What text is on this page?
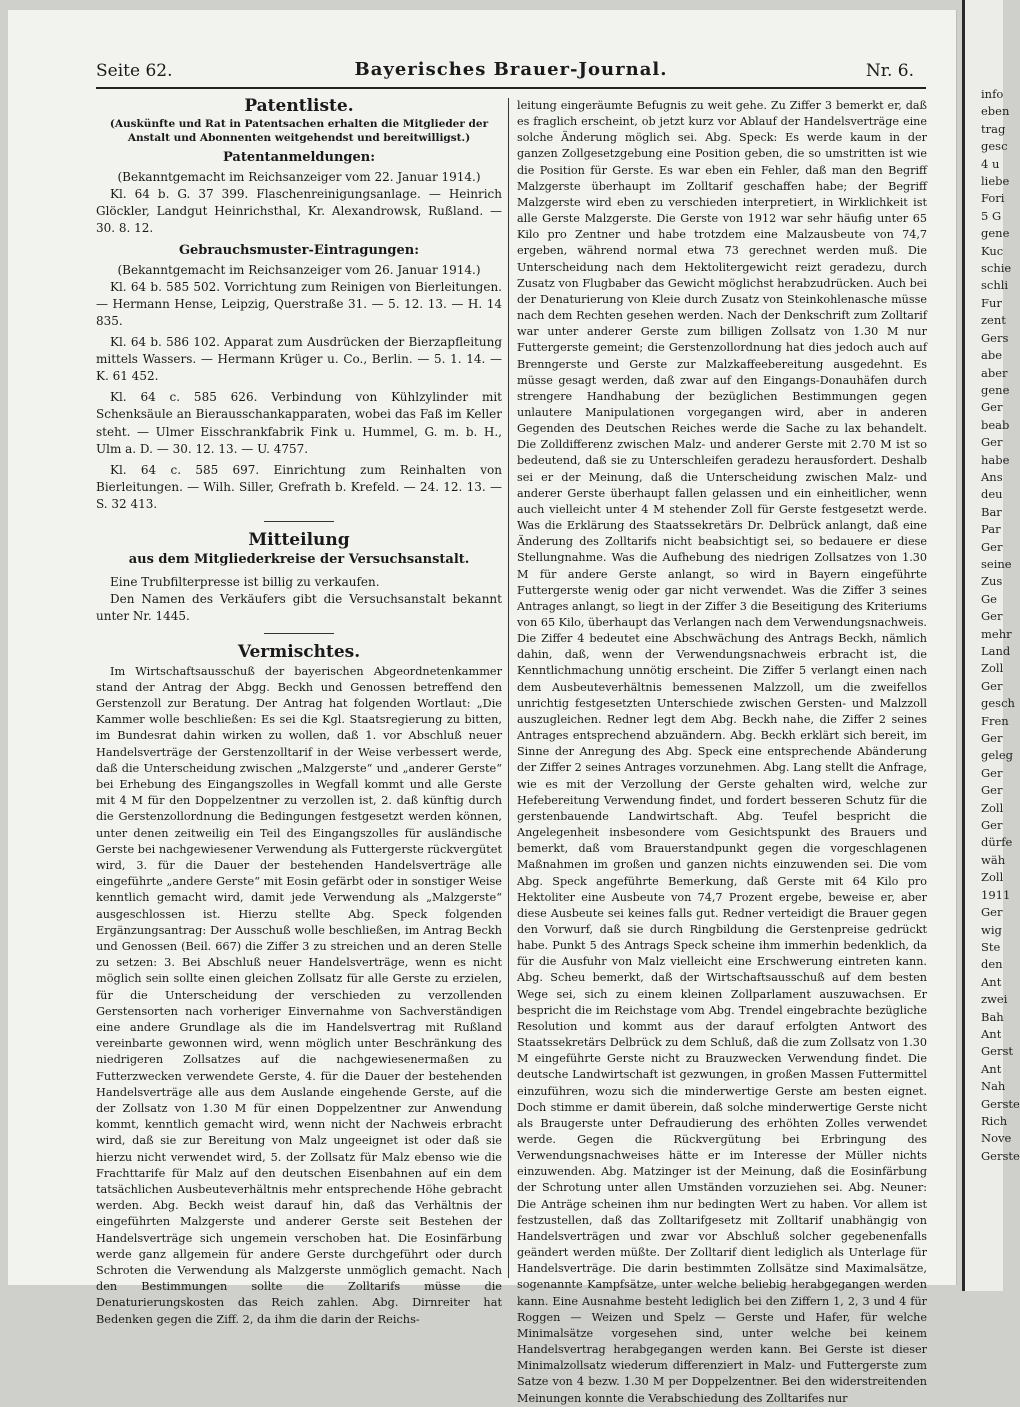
Seite 62.	Bayerisches Brauer-Journal.	Nr. 6.
Patentliste.
(Auskünfte und Rat in Patentsachen erhalten die Mitglieder der Anstalt und Abonnenten weitgehendst und bereitwilligst.)
Patentanmeldungen:

(Bekanntgemacht im Reichsanzeiger vom 22. Januar 1914.)

Kl. 64 b. G. 37 399. Flaschenreinigungsanlage. — Heinrich Glöckler, Landgut Heinrichsthal, Kr. Alexandrowsk, Rußland. — 30. 8. 12.

Gebrauchsmuster-Eintragungen:

(Bekanntgemacht im Reichsanzeiger vom 26. Januar 1914.)

Kl. 64 b. 585 502. Vorrichtung zum Reinigen von Bierleitungen. — Hermann Hense, Leipzig, Querstraße 31. — 5. 12. 13. — H. 14 835.

Kl. 64 b. 586 102. Apparat zum Ausdrücken der Bierzapfleitung mittels Wassers. — Hermann Krüger u. Co., Berlin. — 5. 1. 14. — K. 61 452.

Kl. 64 c. 585 626. Verbindung von Kühlzylinder mit Schenksäule an Bierausschankapparaten, wobei das Faß im Keller steht. — Ulmer Eisschrankfabrik Fink u. Hummel, G. m. b. H., Ulm a. D. — 30. 12. 13. — U. 4757.

Kl. 64 c. 585 697. Einrichtung zum Reinhalten von Bierleitungen. — Wilh. Siller, Grefrath b. Krefeld. — 24. 12. 13. — S. 32 413.

Mitteilung
aus dem Mitgliederkreise der Versuchsanstalt.

Eine Trubfilterpresse ist billig zu verkaufen.

Den Namen des Verkäufers gibt die Versuchsanstalt bekannt unter Nr. 1445.

Vermischtes.

Im Wirtschaftsausschuß der bayerischen Abgeordnetenkammer stand der Antrag der Abgg. Beckh und Genossen betreffend den Gerstenzoll zur Beratung. Der Antrag hat folgenden Wortlaut: „Die Kammer wolle beschließen: Es sei die Kgl. Staatsregierung zu bitten, im Bundesrat dahin wirken zu wollen, daß 1. vor Abschluß neuer Handelsverträge der Gerstenzolltarif in der Weise verbessert werde, daß die Unterscheidung zwischen „Malzgerste“ und „anderer Gerste“ bei Erhebung des Eingangszolles in Wegfall kommt und alle Gerste mit 4 M für den Doppelzentner zu verzollen ist, 2. daß künftig durch die Gerstenzollordnung die Bedingungen festgesetzt werden können, unter denen zeitweilig ein Teil des Eingangszolles für ausländische Gerste bei nachgewiesener Verwendung als Futtergerste rückvergütet wird, 3. für die Dauer der bestehenden Handelsverträge alle eingeführte „andere Gerste“ mit Eosin gefärbt oder in sonstiger Weise kenntlich gemacht wird, damit jede Verwendung als „Malzgerste“ ausgeschlossen ist. Hierzu stellte Abg. Speck folgenden Ergänzungsantrag: Der Ausschuß wolle beschließen, im Antrag Beckh und Genossen (Beil. 667) die Ziffer 3 zu streichen und an deren Stelle zu setzen: 3. Bei Abschluß neuer Handelsverträge, wenn es nicht möglich sein sollte einen gleichen Zollsatz für alle Gerste zu erzielen, für die Unterscheidung der verschieden zu verzollenden Gerstensorten nach vorheriger Einvernahme von Sachverständigen eine andere Grundlage als die im Handelsvertrag mit Rußland vereinbarte gewonnen wird, wenn möglich unter Beschränkung des niedrigeren Zollsatzes auf die nachgewiesenermaßen zu Futterzwecken verwendete Gerste, 4. für die Dauer der bestehenden Handelsverträge alle aus dem Auslande eingehende Gerste, auf die der Zollsatz von 1.30 M für einen Doppelzentner zur Anwendung kommt, kenntlich gemacht wird, wenn nicht der Nachweis erbracht wird, daß sie zur Bereitung von Malz ungeeignet ist oder daß sie hierzu nicht verwendet wird, 5. der Zollsatz für Malz ebenso wie die Frachttarife für Malz auf den deutschen Eisenbahnen auf ein dem tatsächlichen Ausbeuteverhältnis mehr entsprechende Höhe gebracht werden. Abg. Beckh weist darauf hin, daß das Verhältnis der eingeführten Malzgerste und anderer Gerste seit Bestehen der Handelsverträge sich ungemein verschoben hat. Die Eosinfärbung werde ganz allgemein für andere Gerste durchgeführt oder durch Schroten die Verwendung als Malzgerste unmöglich gemacht. Nach den Bestimmungen sollte die Zolltarifs müsse die Denaturierungskosten das Reich zahlen. Abg. Dirnreiter hat Bedenken gegen die Ziff. 2, da ihm die darin der Reichs-

leitung eingeräumte Befugnis zu weit gehe. Zu Ziffer 3 bemerkt er, daß es fraglich erscheint, ob jetzt kurz vor Ablauf der Handelsverträge eine solche Änderung möglich sei. Abg. Speck: Es werde kaum in der ganzen Zollgesetzgebung eine Position geben, die so umstritten ist wie die Position für Gerste. Es war eben ein Fehler, daß man den Begriff Malzgerste überhaupt im Zolltarif geschaffen habe; der Begriff Malzgerste wird eben zu verschieden interpretiert, in Wirklichkeit ist alle Gerste Malzgerste. Die Gerste von 1912 war sehr häufig unter 65 Kilo pro Zentner und habe trotzdem eine Malzausbeute von 74,7 ergeben, während normal etwa 73 gerechnet werden muß. Die Unterscheidung nach dem Hektolitergewicht reizt geradezu, durch Zusatz von Flugbaber das Gewicht möglichst herabzudrücken. Auch bei der Denaturierung von Kleie durch Zusatz von Steinkohlenasche müsse nach dem Rechten gesehen werden. Nach der Denkschrift zum Zolltarif war unter anderer Gerste zum billigen Zollsatz von 1.30 M nur Futtergerste gemeint; die Gerstenzollordnung hat dies jedoch auch auf Brenngerste und Gerste zur Malzkaffeebereitung ausgedehnt. Es müsse gesagt werden, daß zwar auf den Eingangs-Donauhäfen durch strengere Handhabung der bezüglichen Bestimmungen gegen unlautere Manipulationen vorgegangen wird, aber in anderen Gegenden des Deutschen Reiches werde die Sache zu lax behandelt. Die Zolldifferenz zwischen Malz- und anderer Gerste mit 2.70 M ist so bedeutend, daß sie zu Unterschleifen geradezu herausfordert. Deshalb sei er der Meinung, daß die Unterscheidung zwischen Malz- und anderer Gerste überhaupt fallen gelassen und ein einheitlicher, wenn auch vielleicht unter 4 M stehender Zoll für Gerste festgesetzt werde. Was die Erklärung des Staatssekretärs Dr. Delbrück anlangt, daß eine Änderung des Zolltarifs nicht beabsichtigt sei, so bedauere er diese Stellungnahme. Was die Aufhebung des niedrigen Zollsatzes von 1.30 M für andere Gerste anlangt, so wird in Bayern eingeführte Futtergerste wenig oder gar nicht verwendet. Was die Ziffer 3 seines Antrages anlangt, so liegt in der Ziffer 3 die Beseitigung des Kriteriums von 65 Kilo, überhaupt das Verlangen nach dem Verwendungsnachweis. Die Ziffer 4 bedeutet eine Abschwächung des Antrags Beckh, nämlich dahin, daß, wenn der Verwendungsnachweis erbracht ist, die Kenntlichmachung unnötig erscheint. Die Ziffer 5 verlangt einen nach dem Ausbeuteverhältnis bemessenen Malzzoll, um die zweifellos unrichtig festgesetzten Unterschiede zwischen Gersten- und Malzzoll auszugleichen. Redner legt dem Abg. Beckh nahe, die Ziffer 2 seines Antrages entsprechend abzuändern. Abg. Beckh erklärt sich bereit, im Sinne der Anregung des Abg. Speck eine entsprechende Abänderung der Ziffer 2 seines Antrages vorzunehmen. Abg. Lang stellt die Anfrage, wie es mit der Verzollung der Gerste gehalten wird, welche zur Hefebereitung Verwendung findet, und fordert besseren Schutz für die gerstenbauende Landwirtschaft. Abg. Teufel bespricht die Angelegenheit insbesondere vom Gesichtspunkt des Brauers und bemerkt, daß vom Brauerstandpunkt gegen die vorgeschlagenen Maßnahmen im großen und ganzen nichts einzuwenden sei. Die vom Abg. Speck angeführte Bemerkung, daß Gerste mit 64 Kilo pro Hektoliter eine Ausbeute von 74,7 Prozent ergebe, beweise er, aber diese Ausbeute sei keines falls gut. Redner verteidigt die Brauer gegen den Vorwurf, daß sie durch Ringbildung die Gerstenpreise gedrückt habe. Punkt 5 des Antrags Speck scheine ihm immerhin bedenklich, da für die Ausfuhr von Malz vielleicht eine Erschwerung eintreten kann. Abg. Scheu bemerkt, daß der Wirtschaftsausschuß auf dem besten Wege sei, sich zu einem kleinen Zollparlament auszuwachsen. Er bespricht die im Reichstage vom Abg. Trendel eingebrachte bezügliche Resolution und kommt aus der darauf erfolgten Antwort des Staatssekretärs Delbrück zu dem Schluß, daß die zum Zollsatz von 1.30 M eingeführte Gerste nicht zu Brauzwecken Verwendung findet. Die deutsche Landwirtschaft ist gezwungen, in großen Massen Futtermittel einzuführen, wozu sich die minderwertige Gerste am besten eignet. Doch stimme er damit überein, daß solche minderwertige Gerste nicht als Braugerste unter Defraudierung des erhöhten Zolles verwendet werde. Gegen die Rückvergütung bei Erbringung des Verwendungsnachweises hätte er im Interesse der Müller nichts einzuwenden. Abg. Matzinger ist der Meinung, daß die Eosinfärbung der Schrotung unter allen Umständen vorzuziehen sei. Abg. Neuner: Die Anträge scheinen ihm nur bedingten Wert zu haben. Vor allem ist festzustellen, daß das Zolltarifgesetz mit Zolltarif unabhängig von Handelsverträgen und zwar vor Abschluß solcher gegebenenfalls geändert werden müßte. Der Zolltarif dient lediglich als Unterlage für Handelsverträge. Die darin bestimmten Zollsätze sind Maximalsätze, sogenannte Kampfsätze, unter welche beliebig herabgegangen werden kann. Eine Ausnahme besteht lediglich bei den Ziffern 1, 2, 3 und 4 für Roggen — Weizen und Spelz — Gerste und Hafer, für welche Minimalsätze vorgesehen sind, unter welche bei keinem Handelsvertrag herabgegangen werden kann. Bei Gerste ist dieser Minimalzollsatz wiederum differenziert in Malz- und Futtergerste zum Satze von 4 bezw. 1.30 M per Doppelzentner. Bei den widerstreitenden Meinungen konnte die Verabschiedung des Zolltarifes nur

info
eben
trag
gesc
4 u
liebe
Fori
5 G
gene
Kuc
schie
schli
Fur
zent
Gers
abe
aber
gene
Ger
beab
Ger
habe
Ans
deu
Bar
Par
Ger
seine
Zus
Ge
Ger
mehr
Land
Zoll
Ger
gesch
Fren
Ger
geleg
Ger
Ger
Zoll
Ger
dürfe
wäh
Zoll
1911
Ger
wig
Ste
den
Ant
zwei
Bah
Ant
Gerst
Ant
Nah
Gerste
Rich
Nove
Gerste
